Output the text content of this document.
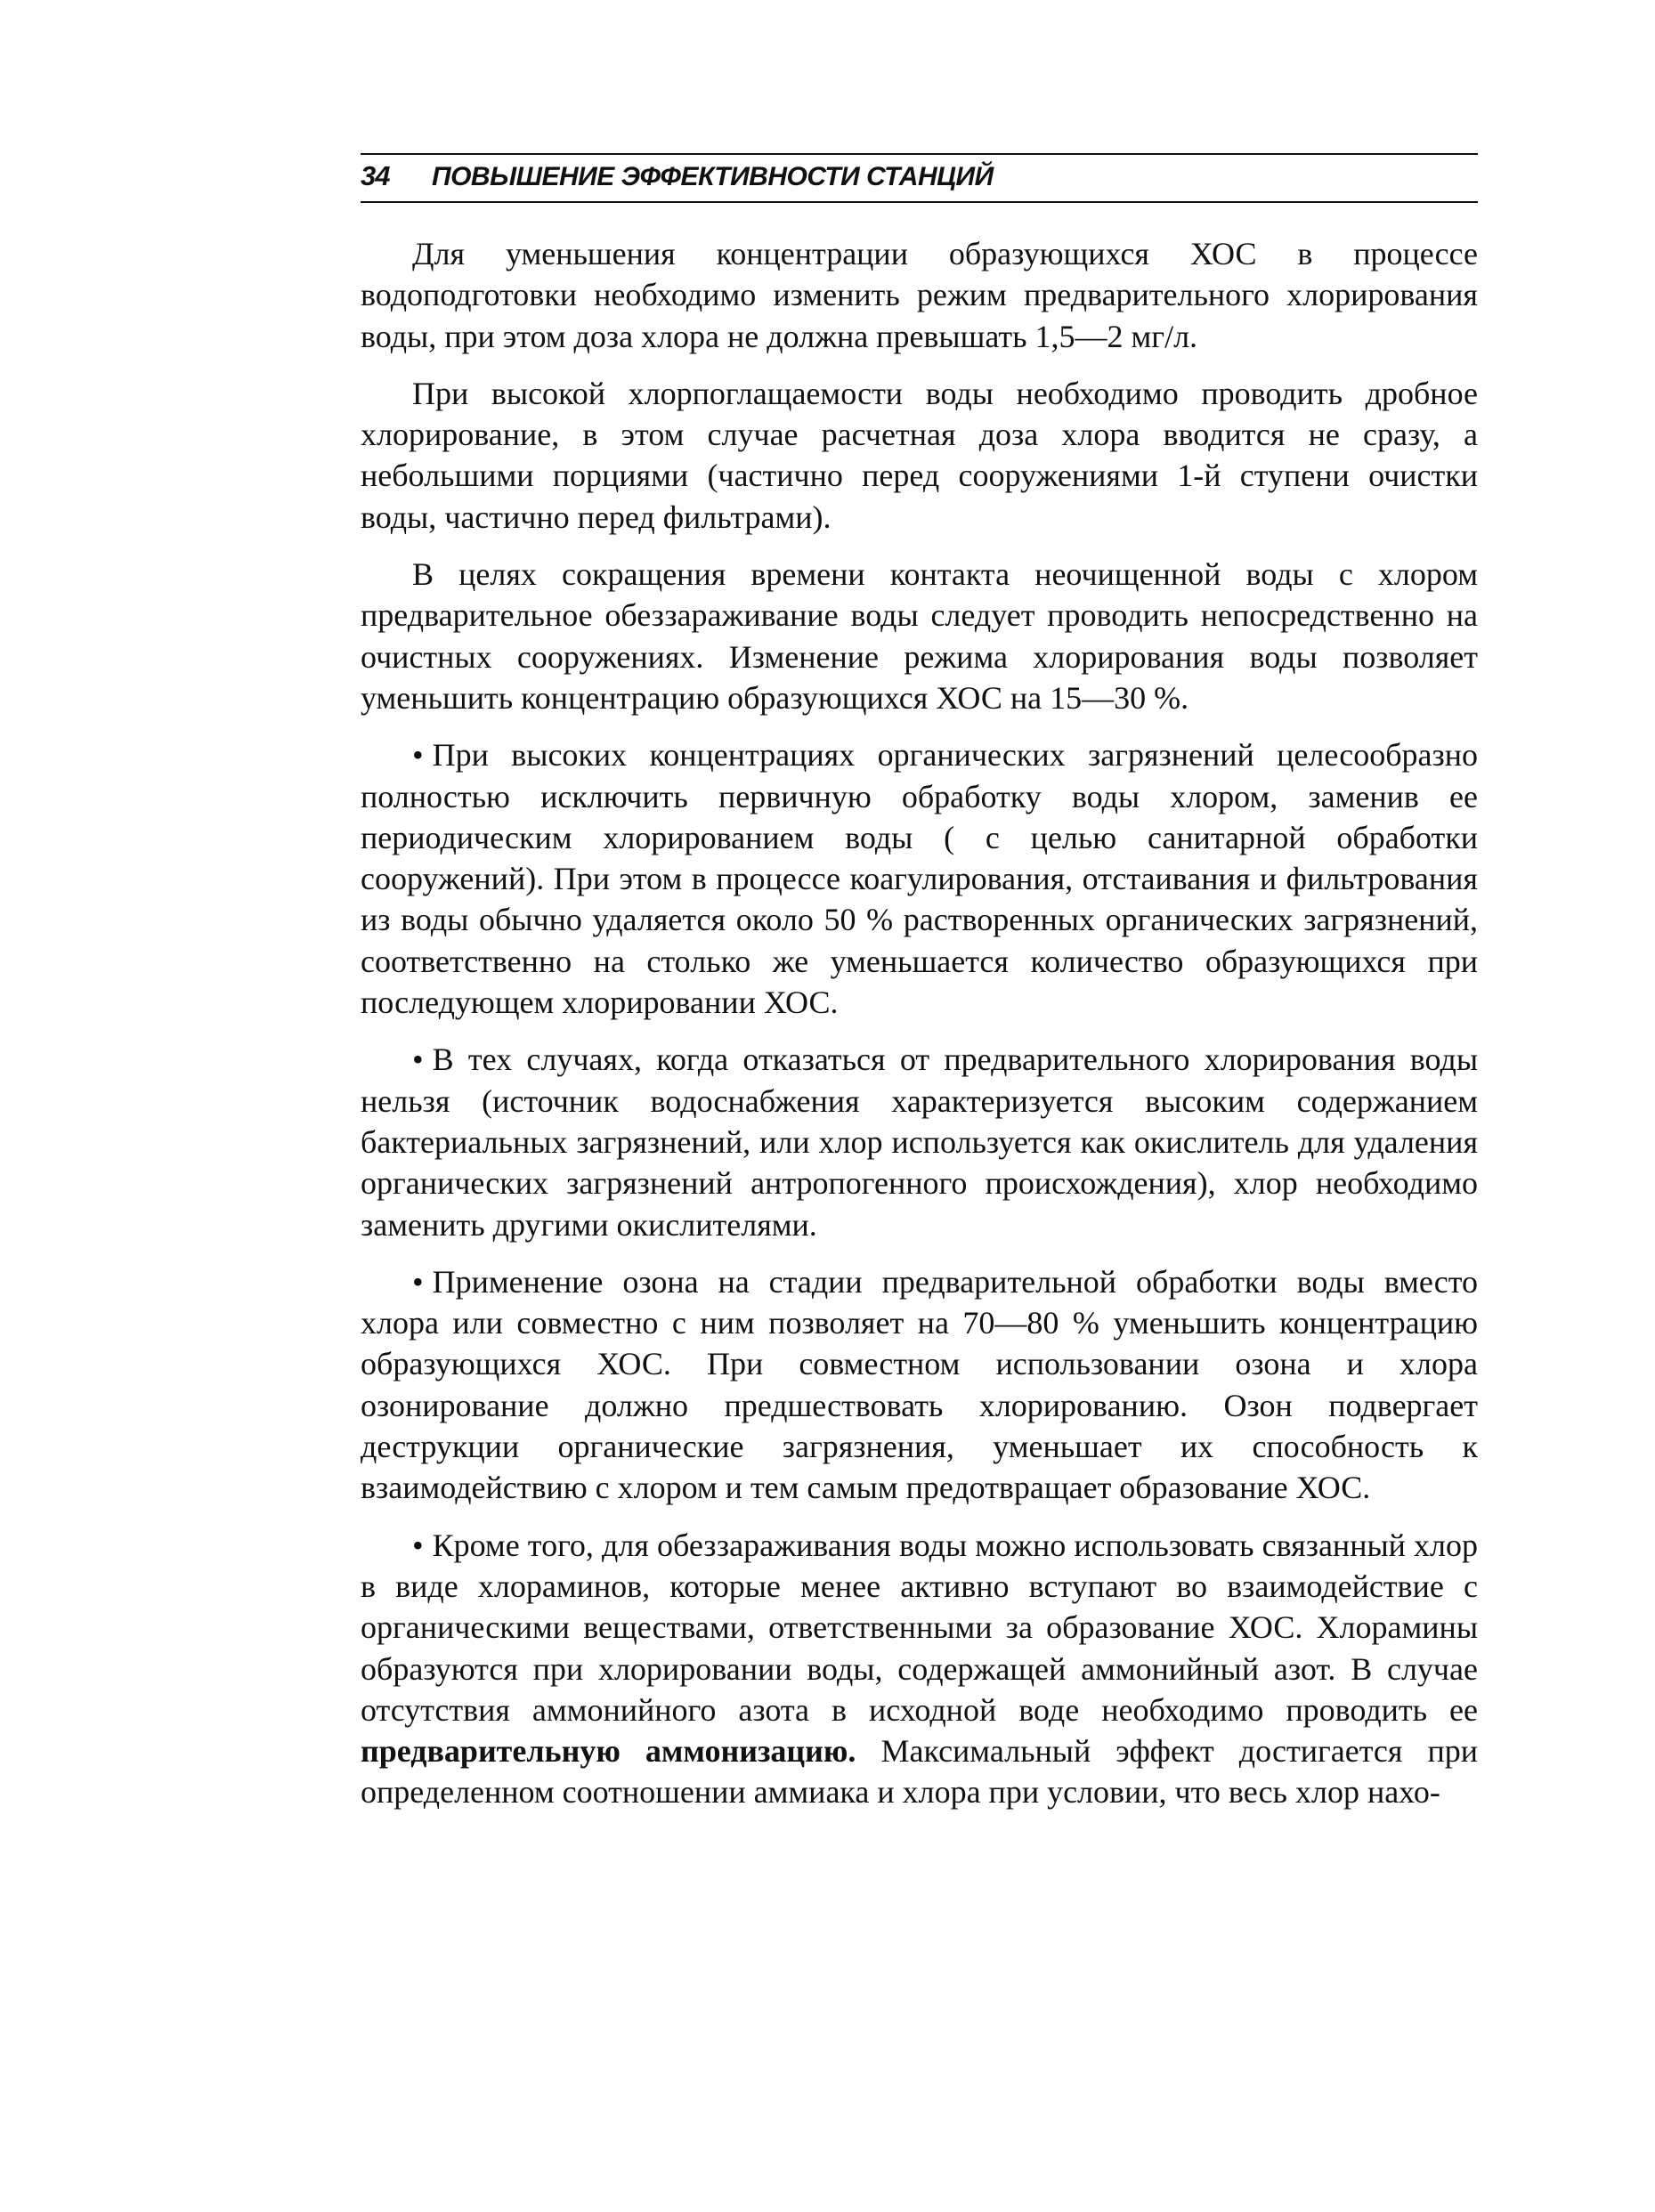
34 ПОВЫШЕНИЕ ЭФФЕКТИВНОСТИ СТАНЦИЙ

Для уменьшения концентрации образующихся ХОС в процессе водоподготовки необходимо изменить режим предварительного хлорирования воды, при этом доза хлора не должна превышать 1,5—2 мг/л.

При высокой хлорпоглащаемости воды необходимо проводить дробное хлорирование, в этом случае расчетная доза хлора вводится не сразу, а небольшими порциями (частично перед сооружениями 1-й ступени очистки воды, частично перед фильтрами).

В целях сокращения времени контакта неочищенной воды с хлором предварительное обеззараживание воды следует проводить непосредственно на очистных сооружениях. Изменение режима хлорирования воды позволяет уменьшить концентрацию образующихся ХОС на 15—30 %.

• При высоких концентрациях органических загрязнений целесообразно полностью исключить первичную обработку воды хлором, заменив ее периодическим хлорированием воды ( с целью санитарной обработки сооружений). При этом в процессе коагулирования, отстаивания и фильтрования из воды обычно удаляется около 50 % растворенных органических загрязнений, соответственно на столько же уменьшается количество образующихся при последующем хлорировании ХОС.

• В тех случаях, когда отказаться от предварительного хлорирования воды нельзя (источник водоснабжения характеризуется высоким содержанием бактериальных загрязнений, или хлор используется как окислитель для удаления органических загрязнений антропогенного происхождения), хлор необходимо заменить другими окислителями.

• Применение озона на стадии предварительной обработки воды вместо хлора или совместно с ним позволяет на 70—80 % уменьшить концентрацию образующихся ХОС. При совместном использовании озона и хлора озонирование должно предшествовать хлорированию. Озон подвергает деструкции органические загрязнения, уменьшает их способность к взаимодействию с хлором и тем самым предотвращает образование ХОС.

• Кроме того, для обеззараживания воды можно использовать связанный хлор в виде хлораминов, которые менее активно вступают во взаимодействие с органическими веществами, ответственными за образование ХОС. Хлорамины образуются при хлорировании воды, содержащей аммонийный азот. В случае отсутствия аммонийного азота в исходной воде необходимо проводить ее предварительную аммонизацию. Максимальный эффект достигается при определенном соотношении аммиака и хлора при условии, что весь хлор нахо-
